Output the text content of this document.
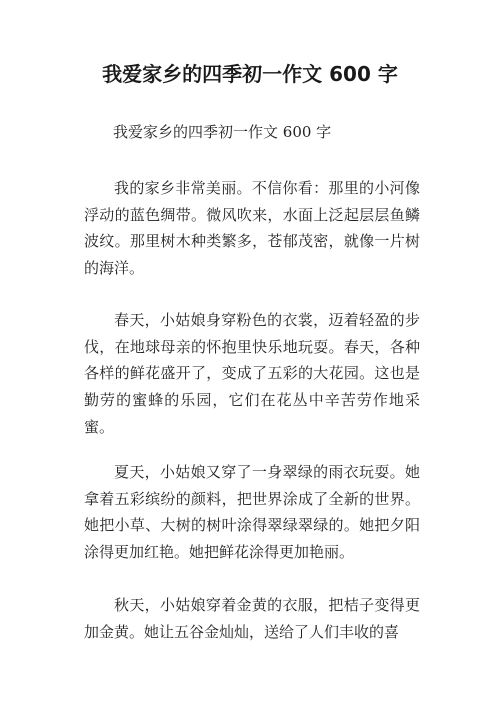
我爱家乡的四季初一作文 600 字

我爱家乡的四季初一作文 600 字

我的家乡非常美丽。不信你看：那里的小河像浮动的蓝色绸带。微风吹来，水面上泛起层层鱼鳞波纹。那里树木种类繁多，苍郁茂密，就像一片树的海洋。

春天，小姑娘身穿粉色的衣裳，迈着轻盈的步伐，在地球母亲的怀抱里快乐地玩耍。春天，各种各样的鲜花盛开了，变成了五彩的大花园。这也是勤劳的蜜蜂的乐园，它们在花丛中辛苦劳作地采蜜。

夏天，小姑娘又穿了一身翠绿的雨衣玩耍。她拿着五彩缤纷的颜料，把世界涂成了全新的世界。她把小草、大树的树叶涂得翠绿翠绿的。她把夕阳涂得更加红艳。她把鲜花涂得更加艳丽。

秋天，小姑娘穿着金黄的衣服，把桔子变得更加金黄。她让五谷金灿灿，送给了人们丰收的喜
